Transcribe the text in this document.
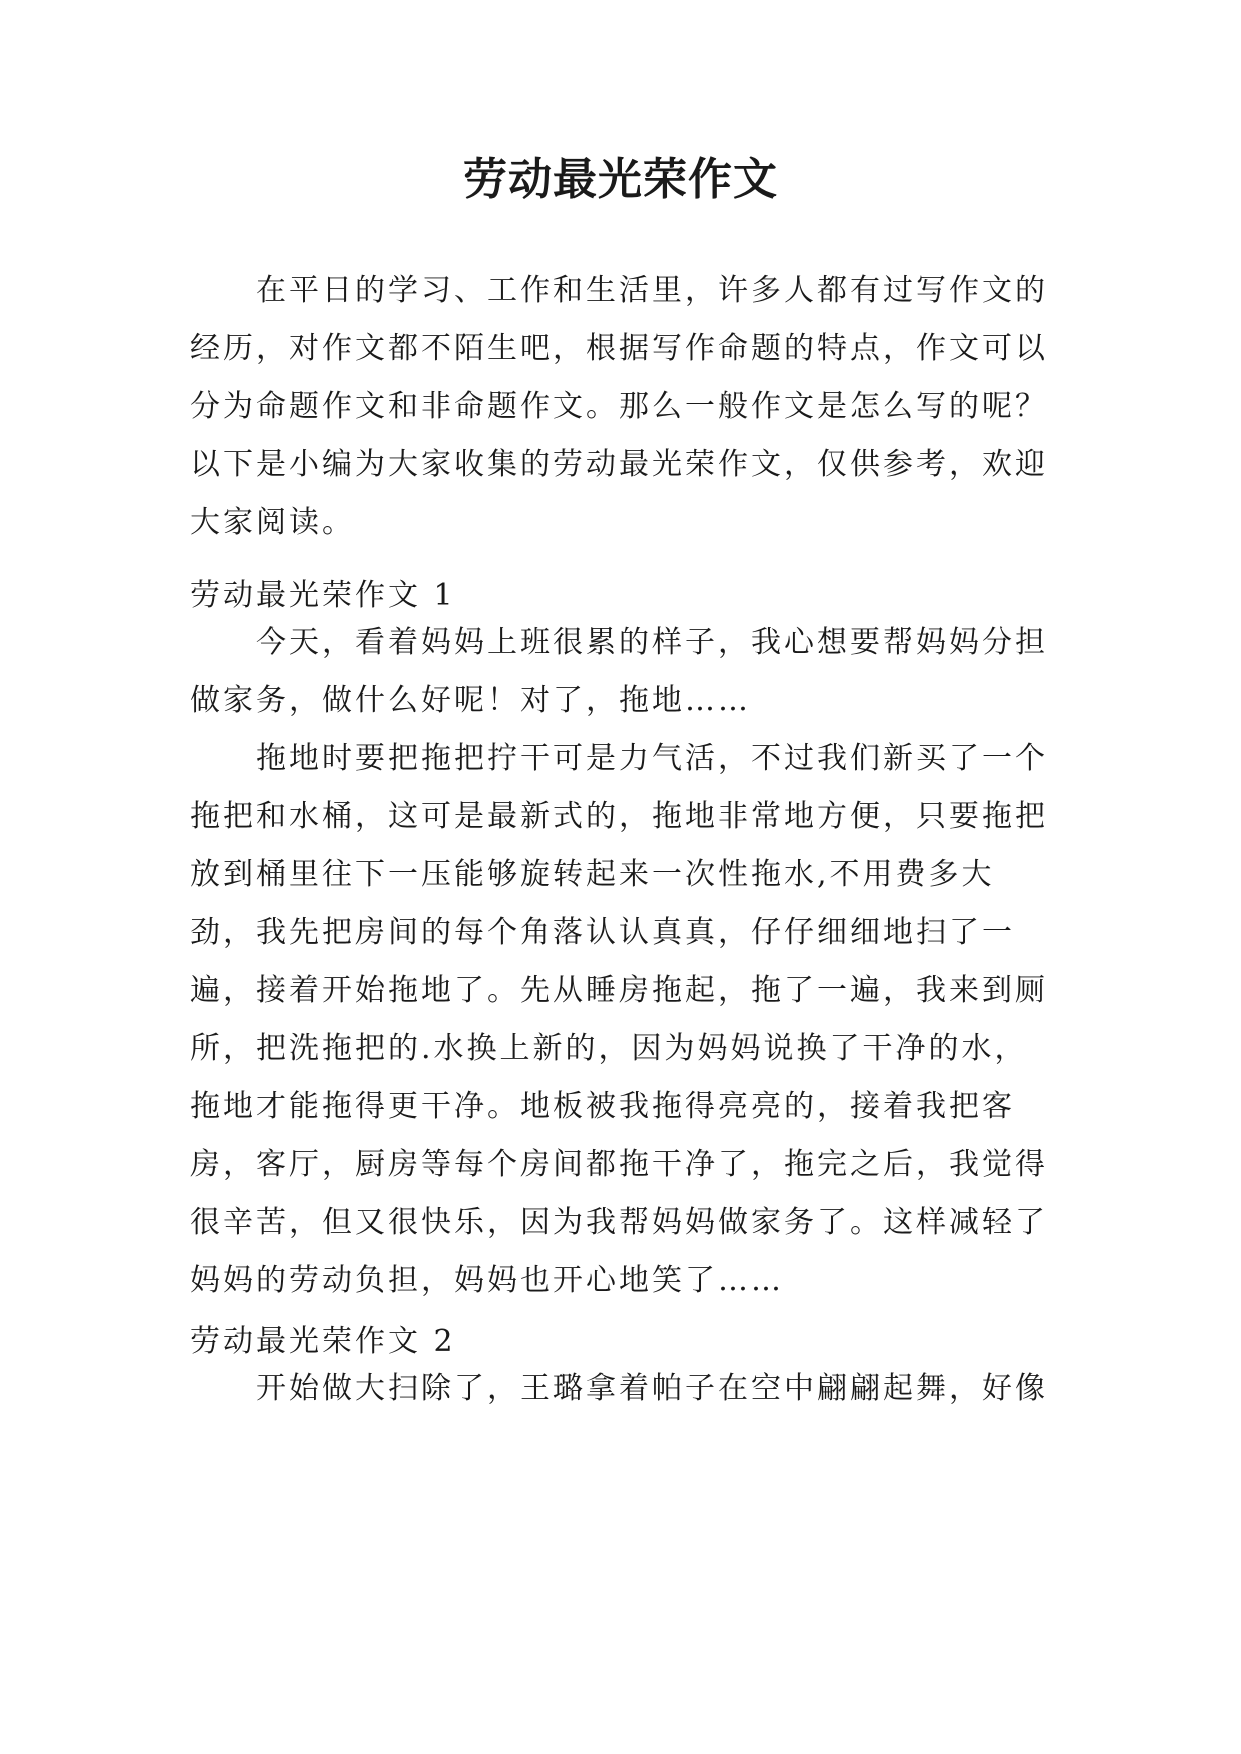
劳动最光荣作文

在平日的学习、工作和生活里，许多人都有过写作文的经历，对作文都不陌生吧，根据写作命题的特点，作文可以分为命题作文和非命题作文。那么一般作文是怎么写的呢？以下是小编为大家收集的劳动最光荣作文，仅供参考，欢迎大家阅读。

劳动最光荣作文 1

今天，看着妈妈上班很累的样子，我心想要帮妈妈分担做家务，做什么好呢！对了，拖地……

拖地时要把拖把拧干可是力气活，不过我们新买了一个拖把和水桶，这可是最新式的，拖地非常地方便，只要拖把放到桶里往下一压能够旋转起来一次性拖水,不用费多大劲，我先把房间的每个角落认认真真，仔仔细细地扫了一遍，接着开始拖地了。先从睡房拖起，拖了一遍，我来到厕所，把洗拖把的.水换上新的，因为妈妈说换了干净的水，拖地才能拖得更干净。地板被我拖得亮亮的，接着我把客房，客厅，厨房等每个房间都拖干净了，拖完之后，我觉得很辛苦，但又很快乐，因为我帮妈妈做家务了。这样减轻了妈妈的劳动负担，妈妈也开心地笑了……

劳动最光荣作文 2

开始做大扫除了，王璐拿着帕子在空中翩翩起舞，好像
